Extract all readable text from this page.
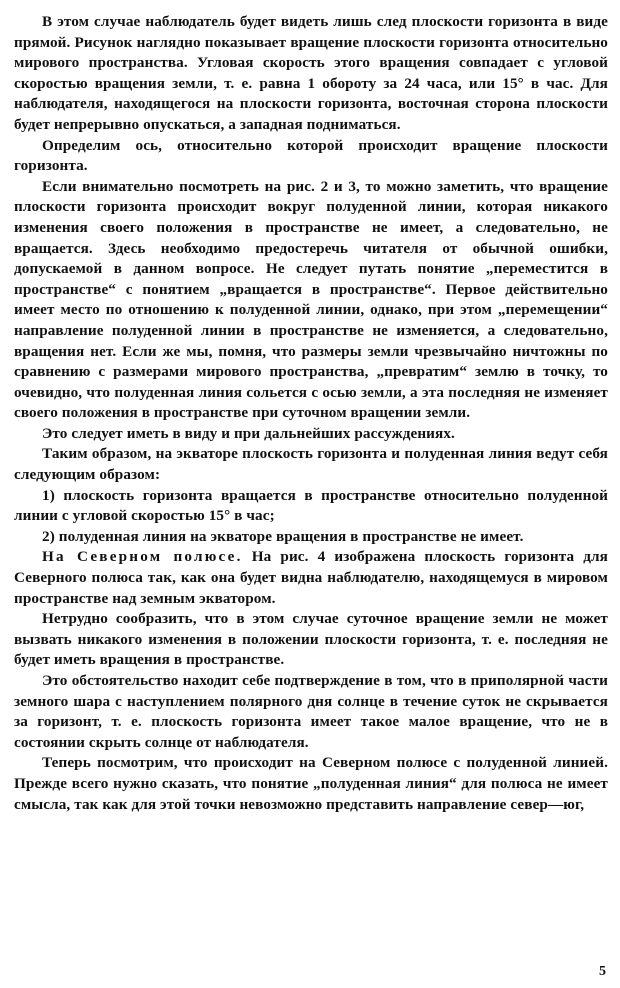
В этом случае наблюдатель будет видеть лишь след плоскости горизонта в виде прямой. Рисунок наглядно показывает вращение плоскости горизонта относительно мирового пространства. Угловая скорость этого вращения совпадает с угловой скоростью вращения земли, т. е. равна 1 обороту за 24 часа, или 15° в час. Для наблюдателя, находящегося на плоскости горизонта, восточная сторона плоскости будет непрерывно опускаться, а западная подниматься.

Определим ось, относительно которой происходит вращение плоскости горизонта.

Если внимательно посмотреть на рис. 2 и 3, то можно заметить, что вращение плоскости горизонта происходит вокруг полуденной линии, которая никакого изменения своего положения в пространстве не имеет, а следовательно, не вращается. Здесь необходимо предостеречь читателя от обычной ошибки, допускаемой в данном вопросе. Не следует путать понятие „переместится в пространстве“ с понятием „вращается в пространстве“. Первое действительно имеет место по отношению к полуденной линии, однако, при этом „перемещении“ направление полуденной линии в пространстве не изменяется, а следовательно, вращения нет. Если же мы, помня, что размеры земли чрезвычайно ничтожны по сравнению с размерами мирового пространства, „превратим“ землю в точку, то очевидно, что полуденная линия сольется с осью земли, а эта последняя не изменяет своего положения в пространстве при суточном вращении земли.

Это следует иметь в виду и при дальнейших рассуждениях.

Таким образом, на экваторе плоскость горизонта и полуденная линия ведут себя следующим образом:

1) плоскость горизонта вращается в пространстве относительно полуденной линии с угловой скоростью 15° в час;

2) полуденная линия на экваторе вращения в пространстве не имеет.

На Северном полюсе. На рис. 4 изображена плоскость горизонта для Северного полюса так, как она будет видна наблюдателю, находящемуся в мировом пространстве над земным экватором.

Нетрудно сообразить, что в этом случае суточное вращение земли не может вызвать никакого изменения в положении плоскости горизонта, т. е. последняя не будет иметь вращения в пространстве.

Это обстоятельство находит себе подтверждение в том, что в приполярной части земного шара с наступлением полярного дня солнце в течение суток не скрывается за горизонт, т. е. плоскость горизонта имеет такое малое вращение, что не в состоянии скрыть солнце от наблюдателя.

Теперь посмотрим, что происходит на Северном полюсе с полуденной линией. Прежде всего нужно сказать, что понятие „полуденная линия“ для полюса не имеет смысла, так как для этой точки невозможно представить направление север—юг,

5
